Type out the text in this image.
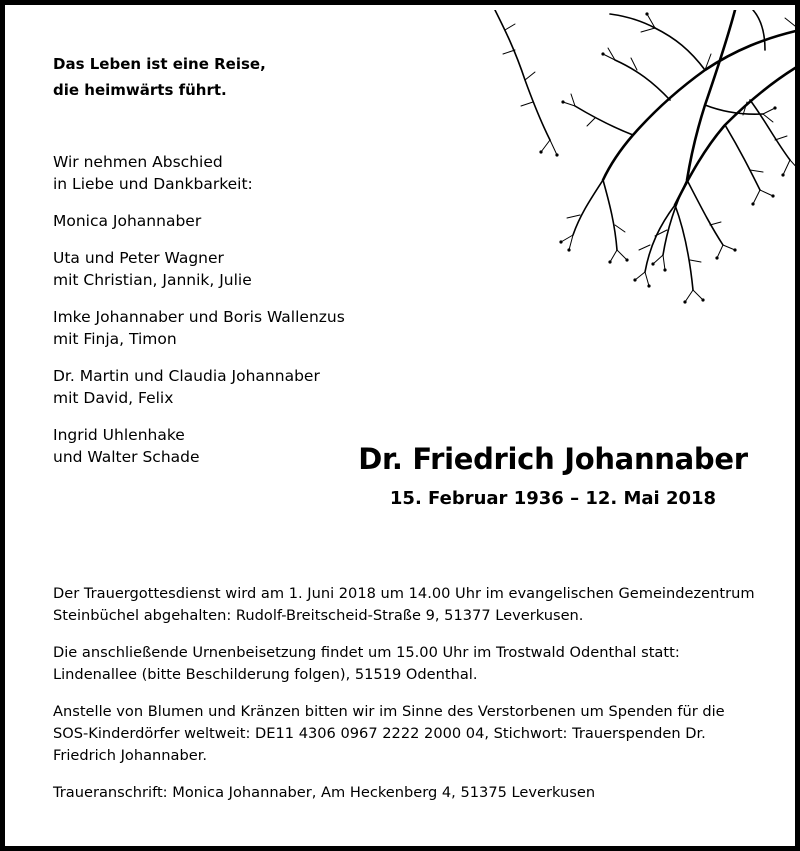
Das Leben ist eine Reise,
die heimwärts führt.
Wir nehmen Abschied
in Liebe und Dankbarkeit:
Monica Johannaber
Uta und Peter Wagner
mit Christian, Jannik, Julie
Imke Johannaber und Boris Wallenzus
mit Finja, Timon
Dr. Martin und Claudia Johannaber
mit David, Felix
Ingrid Uhlenhake
und Walter Schade	Dr. Friedrich Johannaber
15. Februar 1936 – 12. Mai 2018

Der Trauergottesdienst wird am 1. Juni 2018 um 14.00 Uhr im evangelischen Gemeindezentrum Steinbüchel abgehalten: Rudolf-Breitscheid-Straße 9, 51377 Leverkusen.

Die anschließende Urnenbeisetzung findet um 15.00 Uhr im Trostwald Odenthal statt: Lindenallee (bitte Beschilderung folgen), 51519 Odenthal.

Anstelle von Blumen und Kränzen bitten wir im Sinne des Verstorbenen um Spenden für die SOS-Kinderdörfer weltweit: DE11 4306 0967 2222 2000 04, Stichwort: Trauerspenden Dr. Friedrich Johannaber.

Traueranschrift: Monica Johannaber, Am Heckenberg 4, 51375 Leverkusen
